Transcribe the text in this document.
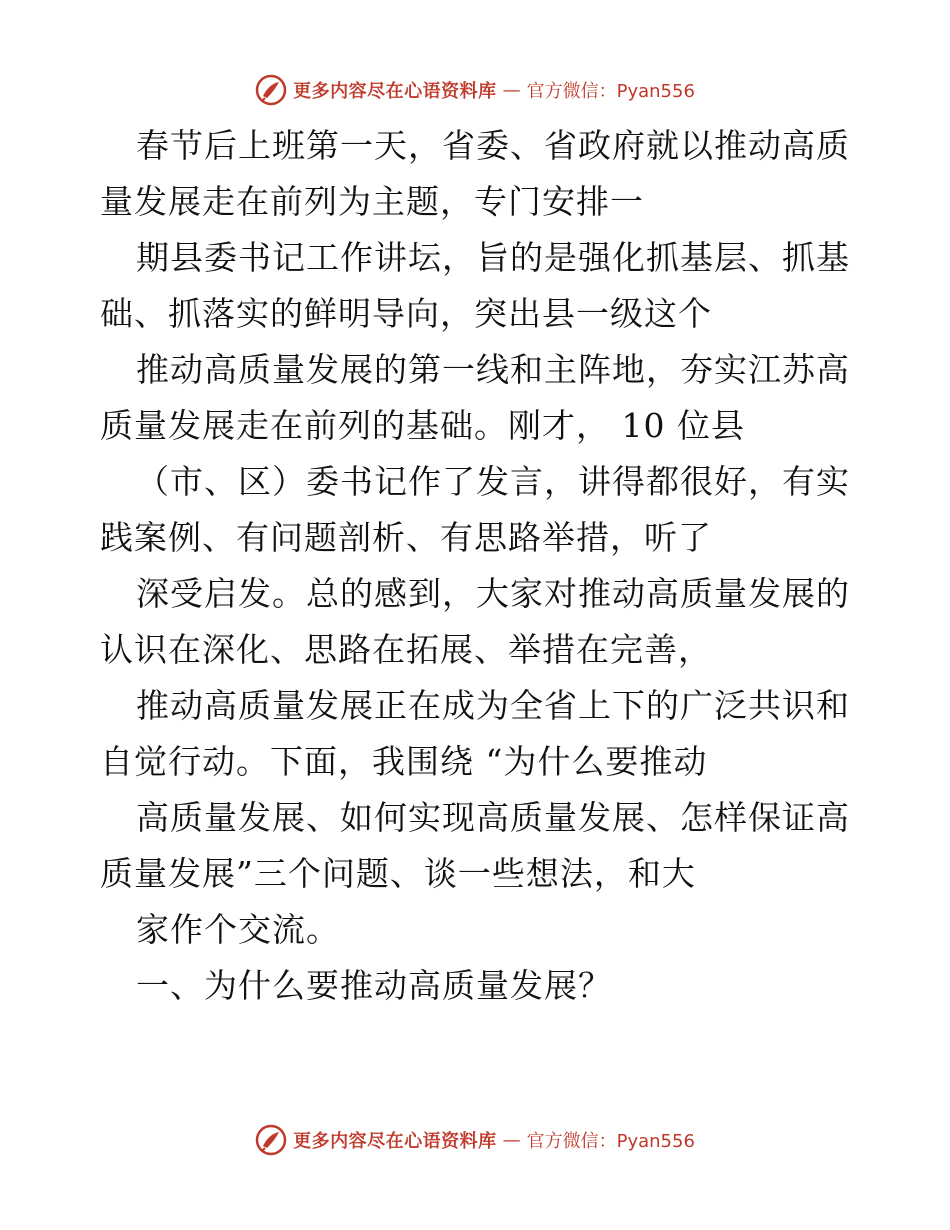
更多内容尽在心语资料库 — 官方微信：Pyan556
春节后上班第一天，省委、省政府就以推动高质
量发展走在前列为主题，专门安排一
期县委书记工作讲坛，旨的是强化抓基层、抓基
础、抓落实的鲜明导向，突出县一级这个
推动高质量发展的第一线和主阵地，夯实江苏高
质量发展走在前列的基础。刚才， 10 位县
（市、区）委书记作了发言，讲得都很好，有实
践案例、有问题剖析、有思路举措，听了
深受启发。总的感到，大家对推动高质量发展的
认识在深化、思路在拓展、举措在完善，
推动高质量发展正在成为全省上下的广泛共识和
自觉行动。下面，我围绕 “为什么要推动
高质量发展、如何实现高质量发展、怎样保证高
质量发展”三个问题、谈一些想法，和大
家作个交流。
一、为什么要推动高质量发展？
更多内容尽在心语资料库 — 官方微信：Pyan556
